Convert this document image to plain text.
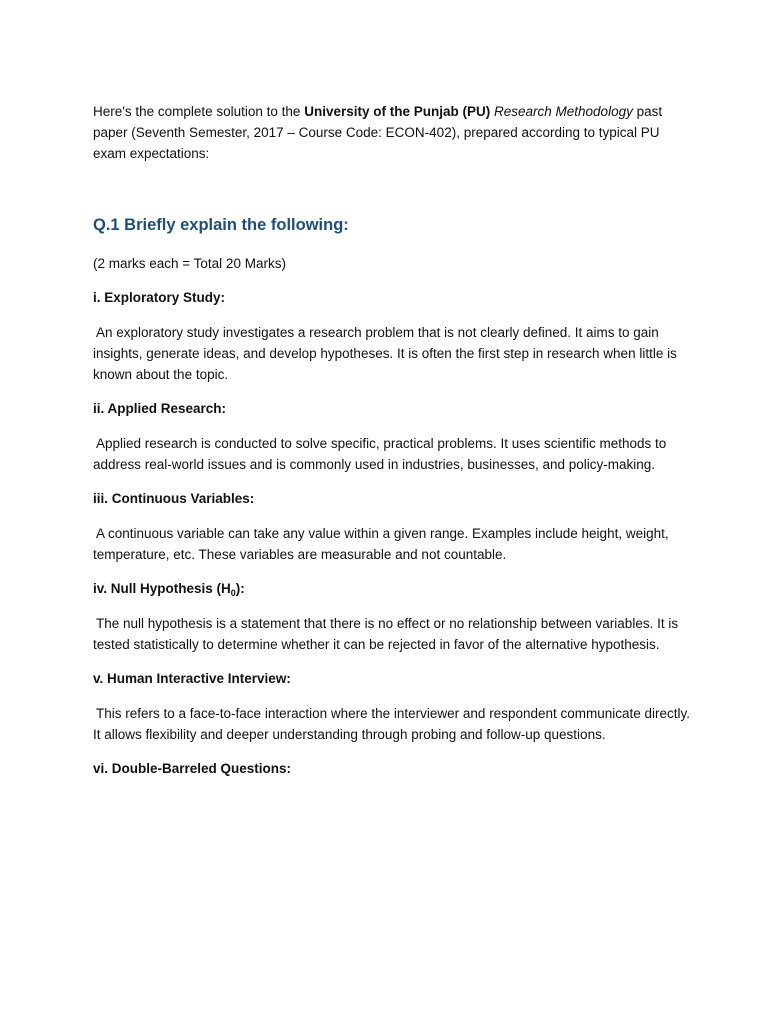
Here's the complete solution to the University of the Punjab (PU) Research Methodology past paper (Seventh Semester, 2017 – Course Code: ECON-402), prepared according to typical PU exam expectations:

Q.1 Briefly explain the following:

(2 marks each = Total 20 Marks)

i. Exploratory Study:

An exploratory study investigates a research problem that is not clearly defined. It aims to gain insights, generate ideas, and develop hypotheses. It is often the first step in research when little is known about the topic.

ii. Applied Research:

Applied research is conducted to solve specific, practical problems. It uses scientific methods to address real-world issues and is commonly used in industries, businesses, and policy-making.

iii. Continuous Variables:

A continuous variable can take any value within a given range. Examples include height, weight, temperature, etc. These variables are measurable and not countable.

iv. Null Hypothesis $(H_0)$:

The null hypothesis is a statement that there is no effect or no relationship between variables. It is tested statistically to determine whether it can be rejected in favor of the alternative hypothesis.

v. Human Interactive Interview:

This refers to a face-to-face interaction where the interviewer and respondent communicate directly. It allows flexibility and deeper understanding through probing and follow-up questions.

vi. Double-Barreled Questions:
